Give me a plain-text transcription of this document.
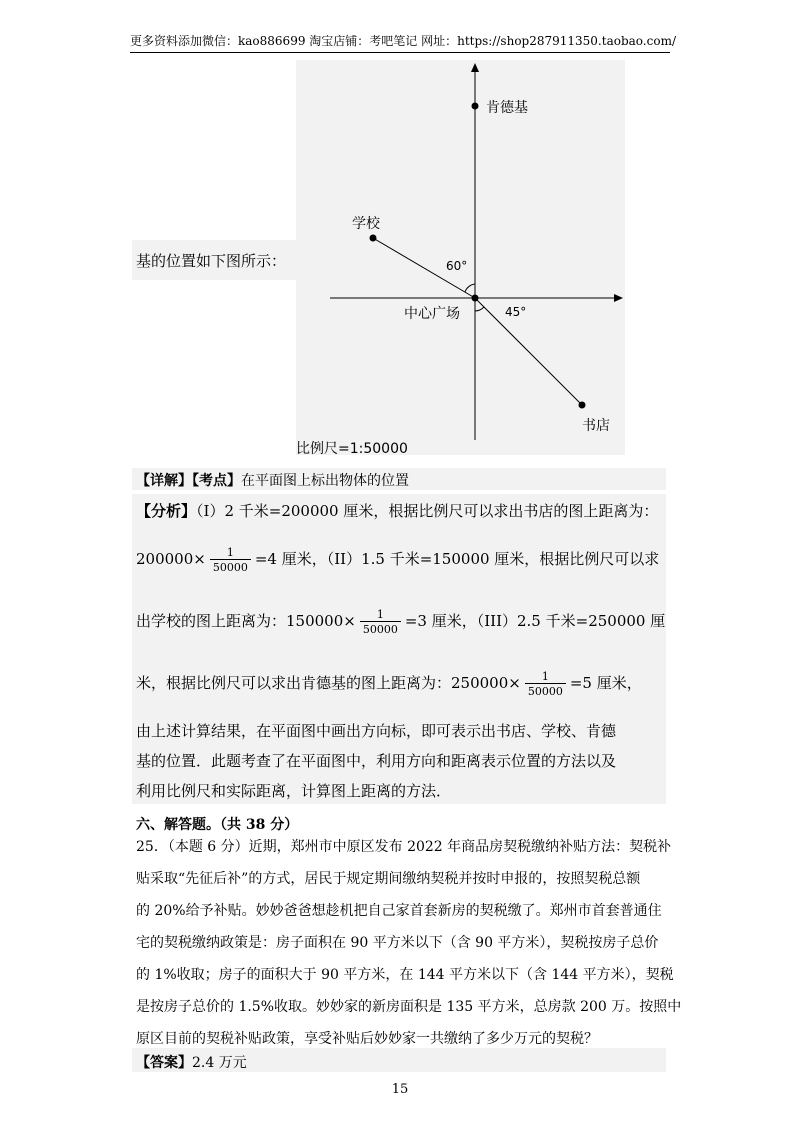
更多资料添加微信：kao886699 淘宝店铺：考吧笔记 网址：https://shop287911350.taobao.com/
基的位置如下图所示：
肯德基
学校
中心广场
书店
60°
45°
比例尺=1:50000
【详解】【考点】在平面图上标出物体的位置
【分析】（I）2 千米=200000 厘米，根据比例尺可以求出书店的图上距离为：
$200000\times \frac{1}{50000} =4$ 厘米，（II）1.5 千米=150000 厘米，根据比例尺可以求
出学校的图上距离为：$150000\times \frac{1}{50000} =3$ 厘米，（III）2.5 千米=250000 厘
米，根据比例尺可以求出肯德基的图上距离为：$250000\times \frac{1}{50000} =5$ 厘米，
由上述计算结果，在平面图中画出方向标，即可表示出书店、学校、肯德
基的位置．此题考查了在平面图中，利用方向和距离表示位置的方法以及
利用比例尺和实际距离，计算图上距离的方法．
六、解答题。（共 38 分）
25．（本题 6 分）近期，郑州市中原区发布 2022 年商品房契税缴纳补贴方法：契税补
贴采取“先征后补”的方式，居民于规定期间缴纳契税并按时申报的，按照契税总额
的 20%给予补贴。妙妙爸爸想趁机把自己家首套新房的契税缴了。郑州市首套普通住
宅的契税缴纳政策是：房子面积在 90 平方米以下（含 90 平方米），契税按房子总价
的 1%收取；房子的面积大于 90 平方米，在 144 平方米以下（含 144 平方米），契税
是按房子总价的 1.5%收取。妙妙家的新房面积是 135 平方米，总房款 200 万。按照中
原区目前的契税补贴政策，享受补贴后妙妙家一共缴纳了多少万元的契税？
【答案】2.4 万元
15
